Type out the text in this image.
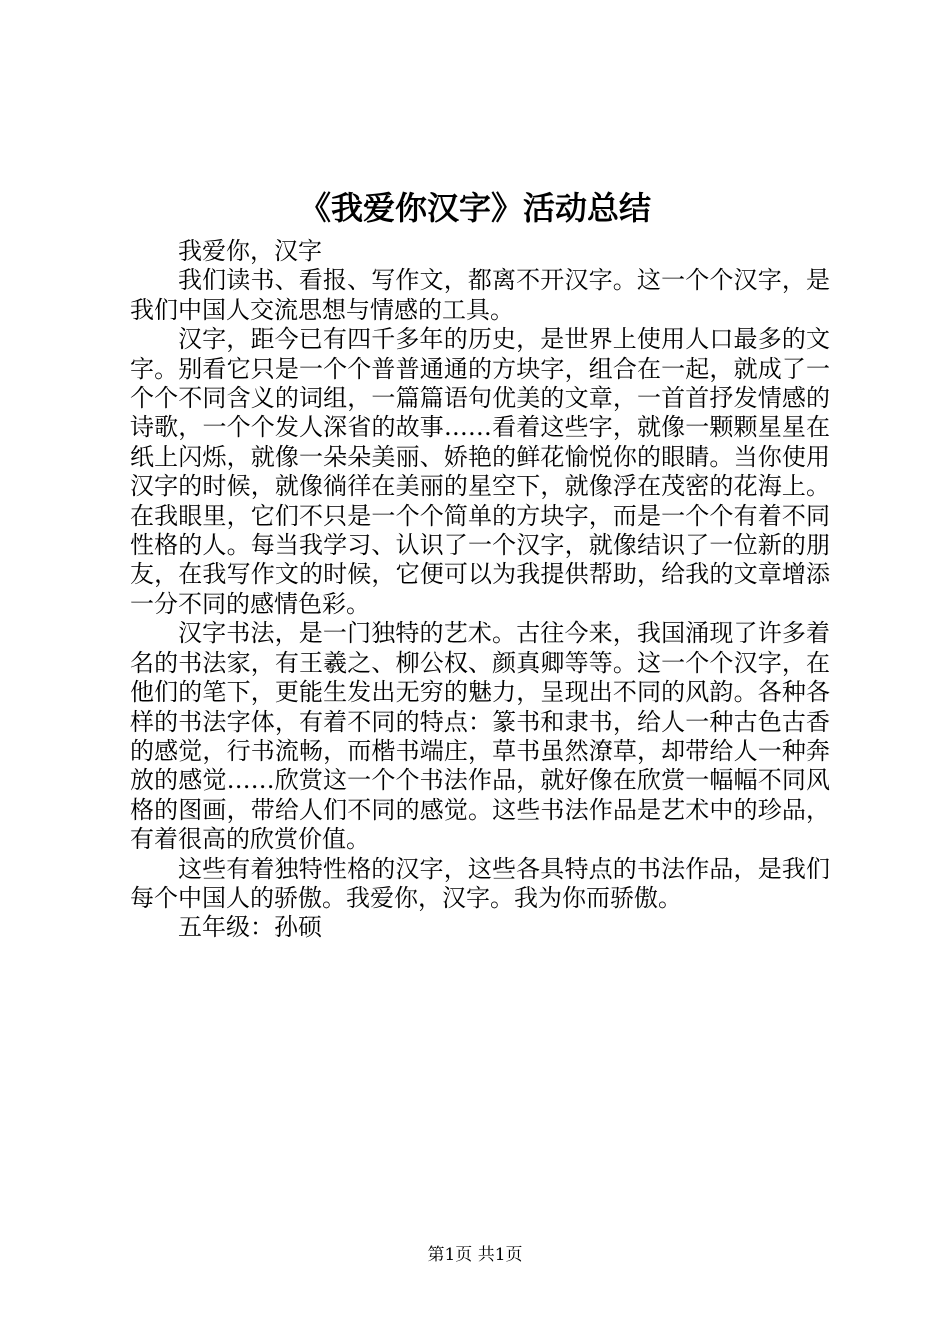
《我爱你汉字》活动总结

我爱你，汉字

我们读书、看报、写作文，都离不开汉字。这一个个汉字，是我们中国人交流思想与情感的工具。

汉字，距今已有四千多年的历史，是世界上使用人口最多的文字。别看它只是一个个普普通通的方块字，组合在一起，就成了一个个不同含义的词组，一篇篇语句优美的文章，一首首抒发情感的诗歌，一个个发人深省的故事……看着这些字，就像一颗颗星星在纸上闪烁，就像一朵朵美丽、娇艳的鲜花愉悦你的眼睛。当你使用汉字的时候，就像徜徉在美丽的星空下，就像浮在茂密的花海上。在我眼里，它们不只是一个个简单的方块字，而是一个个有着不同性格的人。每当我学习、认识了一个汉字，就像结识了一位新的朋友，在我写作文的时候，它便可以为我提供帮助，给我的文章增添一分不同的感情色彩。

汉字书法，是一门独特的艺术。古往今来，我国涌现了许多着名的书法家，有王羲之、柳公权、颜真卿等等。这一个个汉字，在他们的笔下，更能生发出无穷的魅力，呈现出不同的风韵。各种各样的书法字体，有着不同的特点：篆书和隶书，给人一种古色古香的感觉，行书流畅，而楷书端庄，草书虽然潦草，却带给人一种奔放的感觉……欣赏这一个个书法作品，就好像在欣赏一幅幅不同风格的图画，带给人们不同的感觉。这些书法作品是艺术中的珍品，有着很高的欣赏价值。

这些有着独特性格的汉字，这些各具特点的书法作品，是我们每个中国人的骄傲。我爱你，汉字。我为你而骄傲。

五年级：孙硕

第1页 共1页
